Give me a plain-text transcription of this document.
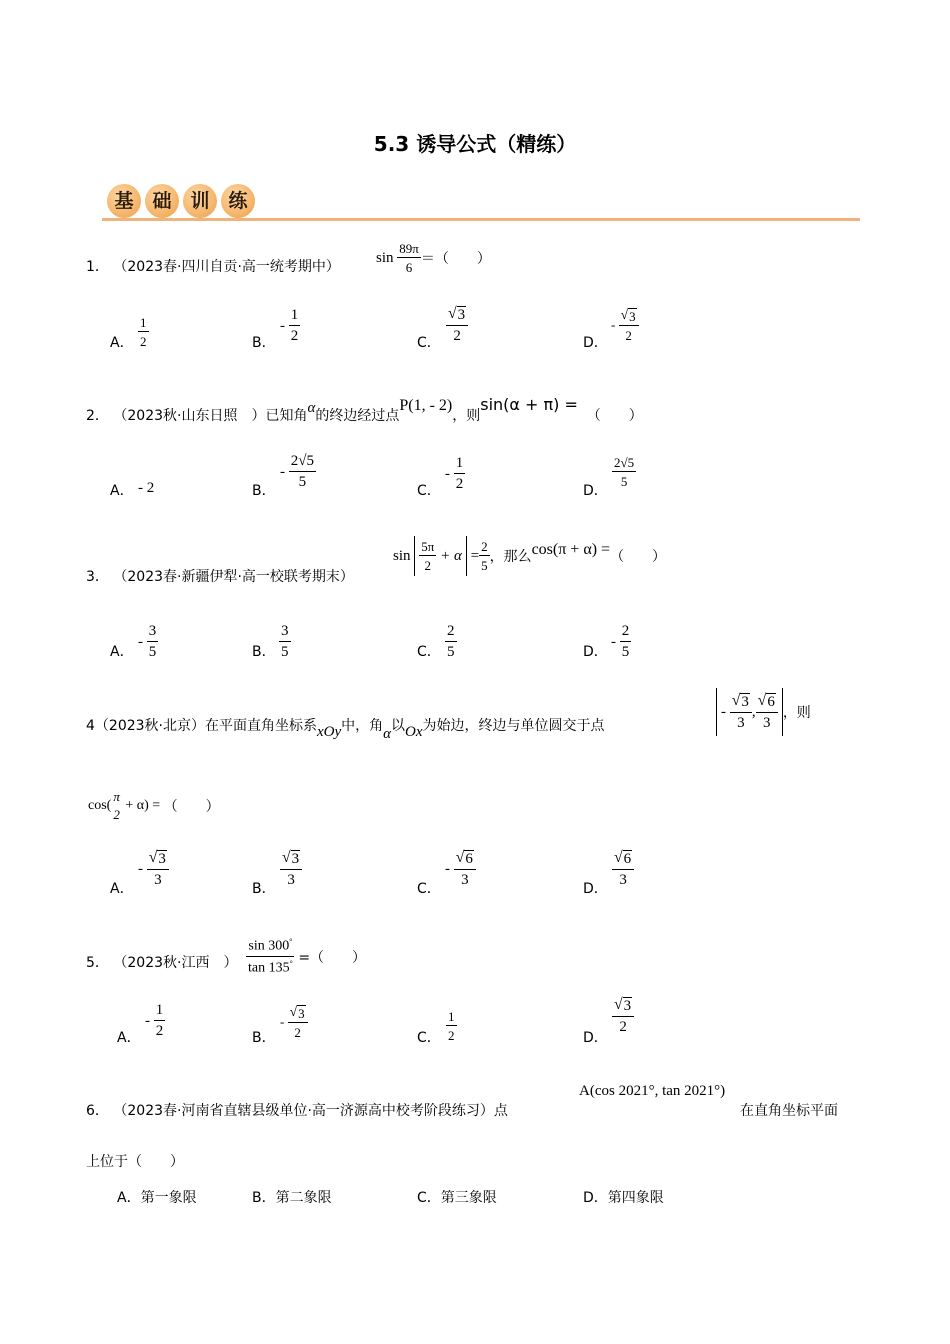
5.3 诱导公式（精练）
基 础 训 练
1． （2023春·四川自贡·高一统考期中）
sin
$\frac{89\pi}{6}$ ＝（　　）
A． $\frac{1}{2}$	B．
-
$\frac{1}{2}$	C． $\frac{√ 3}{2}$	D．
-
$\frac{√ 3}{2}$
2． （2023秋·山东日照　）已知角α的终边经过点P(1, - 2)，则sin(α + π) =  （　　）
A． - 2	B．
-
$\frac{2√5}{5}$
C．
-
$\frac{1}{2}$	D．
$\frac{2√5}{5}$
3． （2023春·新疆伊犁·高一校联考期末）
sin
$\frac{5\pi}{2}$
+ α
= $\frac{2}{5}$ ，那么 cos(π + α) = （　　）
A．
-
$\frac{3}{5}$	B． $\frac{3}{5}$	C． $\frac{2}{5}$	D．
-
$\frac{2}{5}$
4（2023秋·北京）在平面直角坐标系xOy中，角α以Ox为始边，终边与单位圆交于点
-
$\frac{√ 3}{3}$ , $\frac{√ 6}{3}$ ，则
cos(
π
2

+ α) =
（　　）
A．
-
$\frac{√ 3}{3}$
B．
$\frac{√ 3}{3}$
C．
-
$\frac{√ 6}{3}$
D．
$\frac{√ 6}{3}$
5． （2023秋·江西　） $\frac{\sin 300^\circ}{\tan 135^\circ}$
=（　　）
A．
-
$\frac{1}{2}$	B．
-
$\frac{√ 3}{2}$	C． $\frac{1}{2}$	D．
$\frac{√ 3}{2}$
6． （2023春·河南省直辖县级单位·高一济源高中校考阶段练习）点
A(cos 2021°, tan 2021°)
在直角坐标平面
上位于（　　）
A．第一象限	B．第二象限	C．第三象限	D．第四象限
